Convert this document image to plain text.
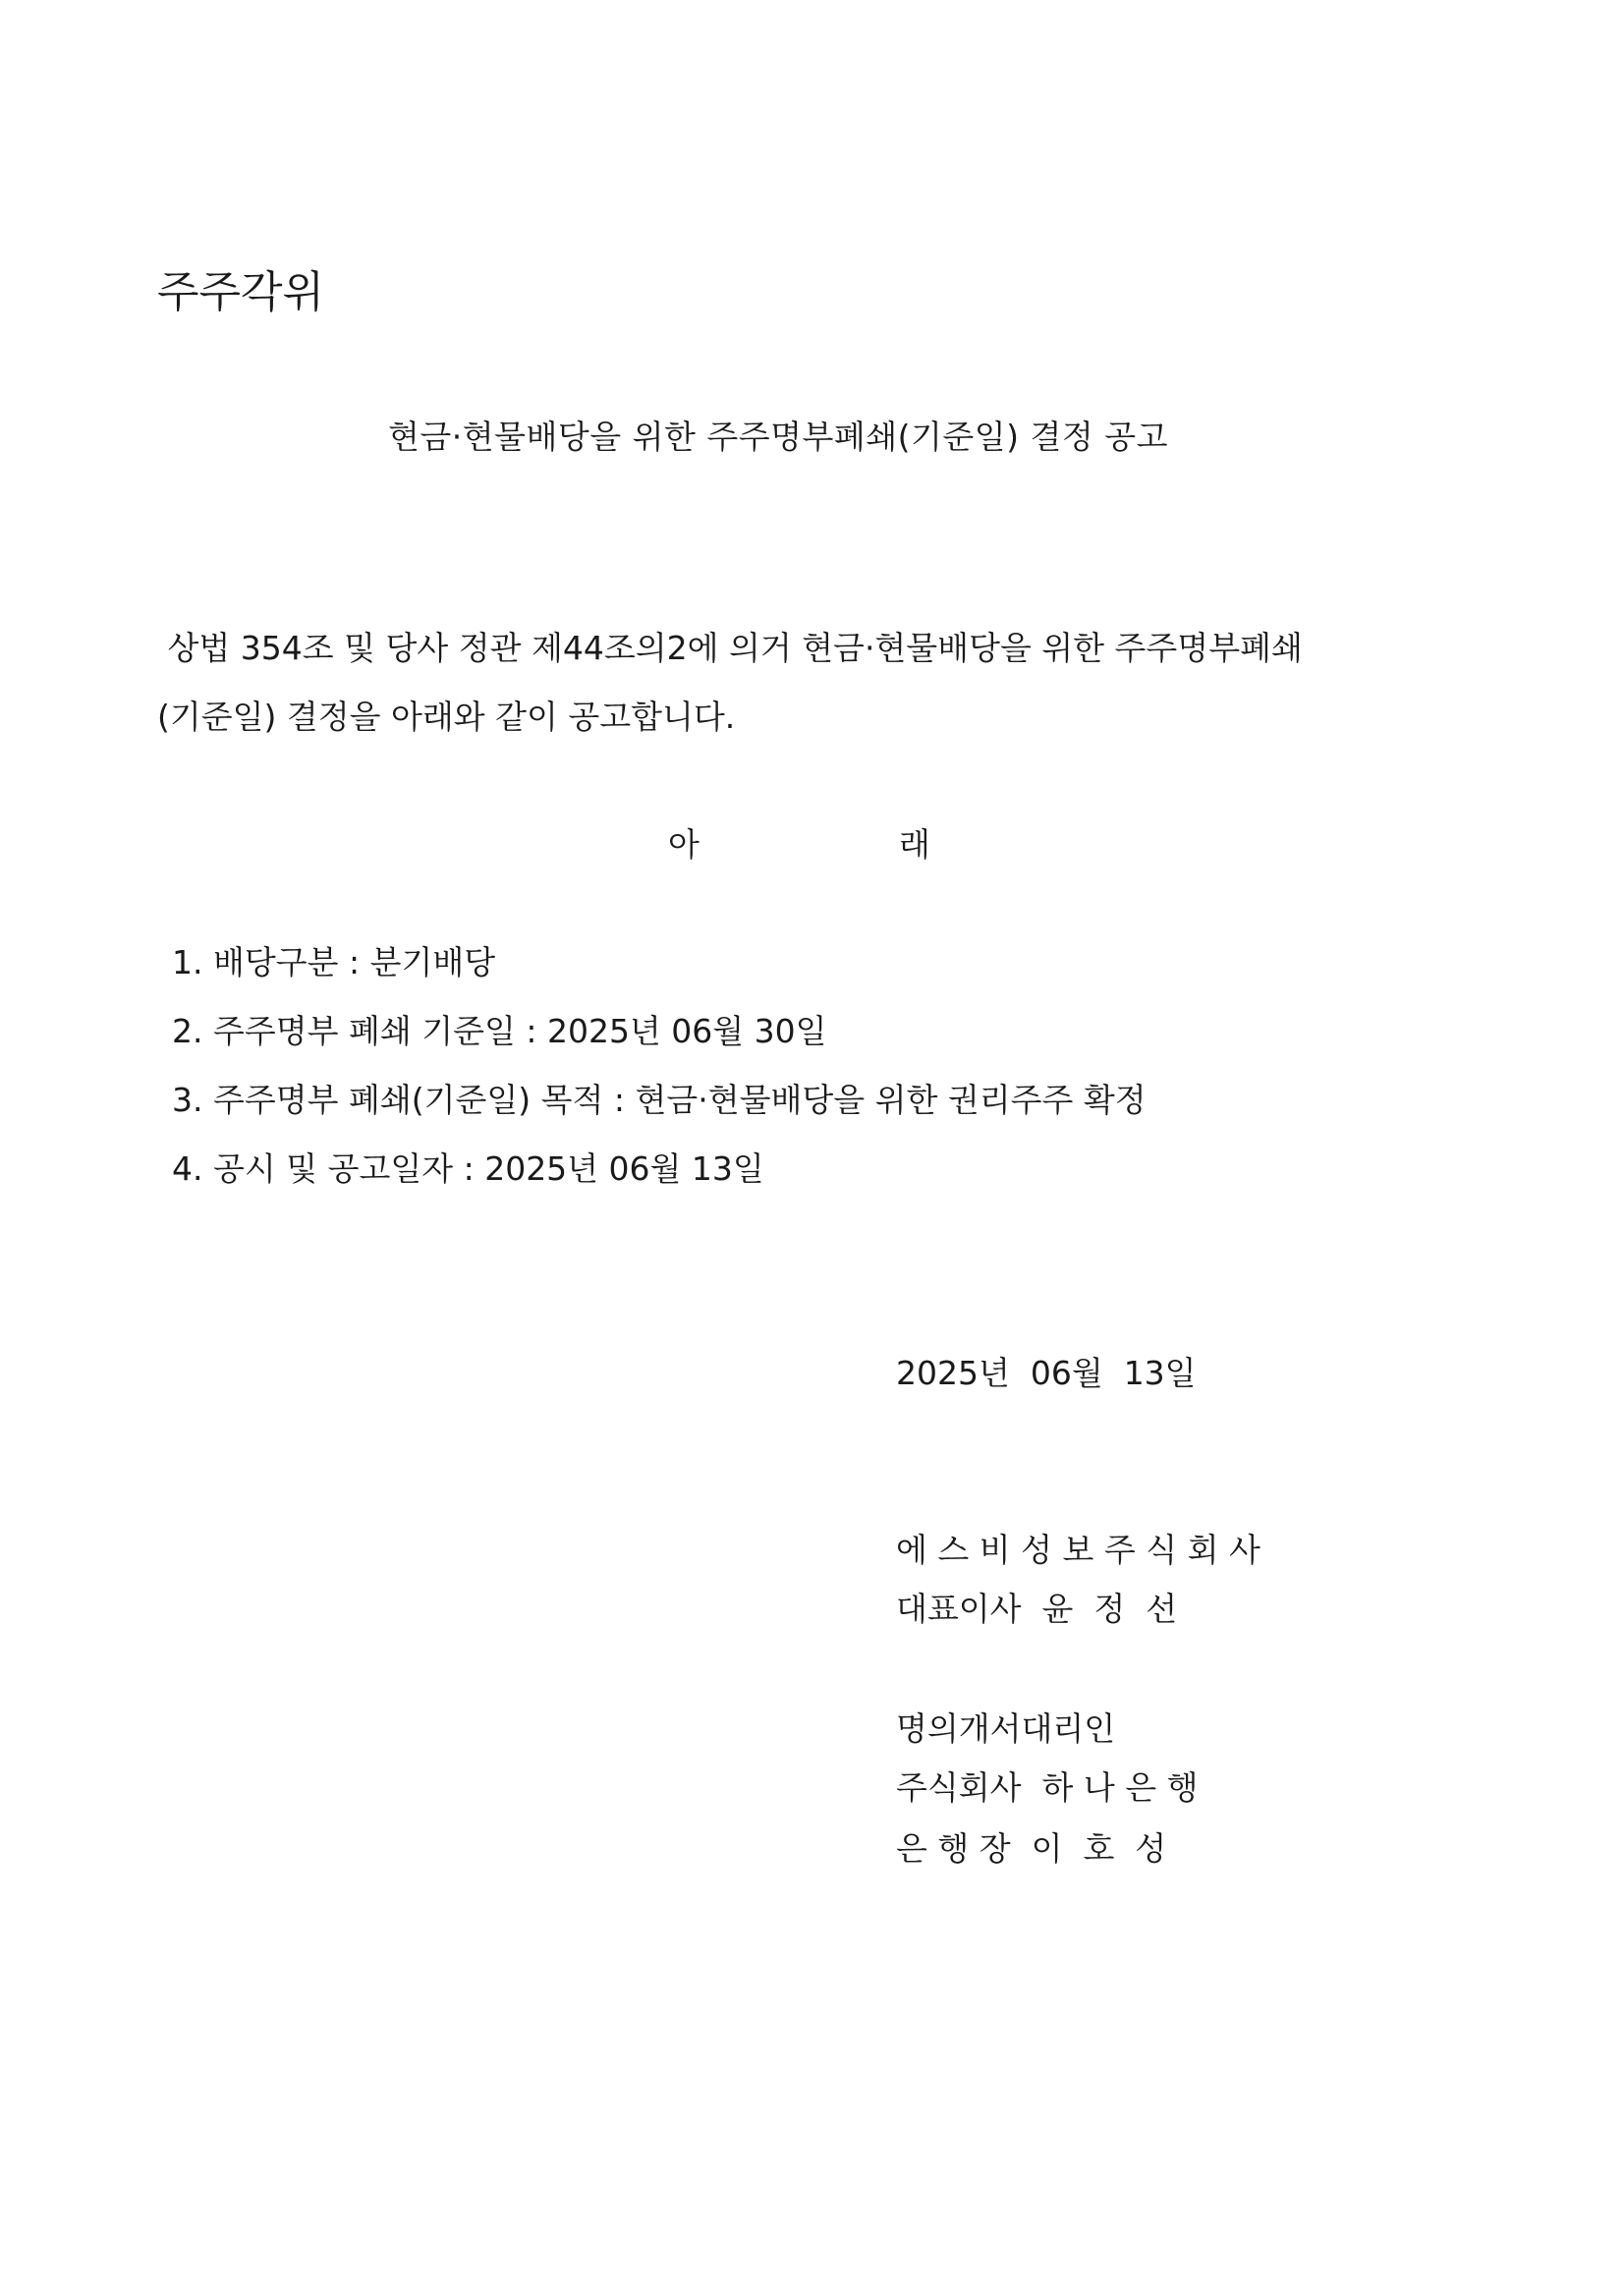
주주각위
현금·현물배당을 위한 주주명부폐쇄(기준일) 결정 공고
상법 354조 및 당사 정관 제44조의2에 의거 현금·현물배당을 위한 주주명부폐쇄
(기준일) 결정을 아래와 같이 공고합니다.
아	래
1. 배당구분 : 분기배당
2. 주주명부 폐쇄 기준일 : 2025년 06월 30일
3. 주주명부 폐쇄(기준일) 목적 : 현금·현물배당을 위한 권리주주 확정
4. 공시 및 공고일자 : 2025년 06월 13일
2025년  06월  13일
에 스 비 성 보 주 식 회 사
대표이사  윤  정  선
명의개서대리인
주식회사  하 나 은 행
은 행 장  이  호  성
